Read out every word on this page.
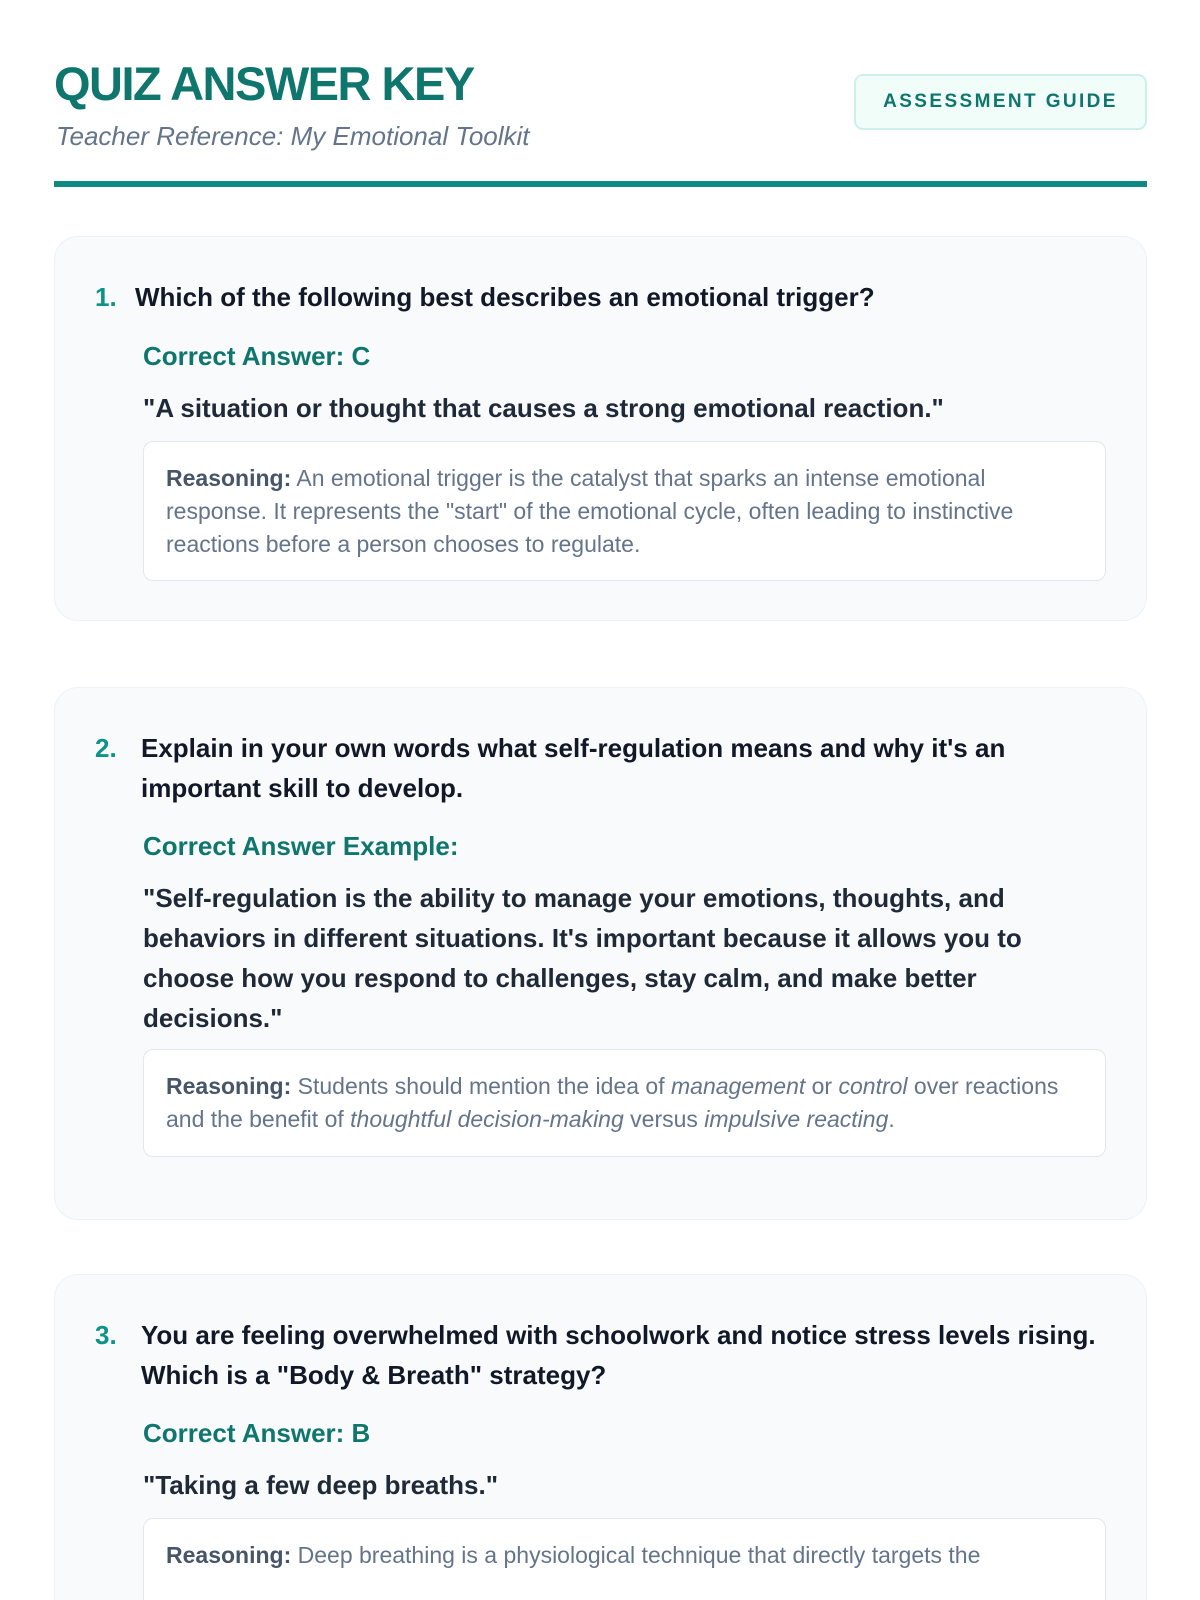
QUIZ ANSWER KEY

Teacher Reference: My Emotional Toolkit

ASSESSMENT GUIDE
1. Which of the following best describes an emotional trigger?

Correct Answer: C

"A situation or thought that causes a strong emotional reaction."

Reasoning: An emotional trigger is the catalyst that sparks an intense emotional response. It represents the "start" of the emotional cycle, often leading to instinctive reactions before a person chooses to regulate.
2. Explain in your own words what self-regulation means and why it's an important skill to develop.

Correct Answer Example:

"Self-regulation is the ability to manage your emotions, thoughts, and behaviors in different situations. It's important because it allows you to choose how you respond to challenges, stay calm, and make better decisions."

Reasoning: Students should mention the idea of management or control over reactions and the benefit of thoughtful decision-making versus impulsive reacting.
3. You are feeling overwhelmed with schoolwork and notice stress levels rising. Which is a "Body & Breath" strategy?

Correct Answer: B

"Taking a few deep breaths."

Reasoning: Deep breathing is a physiological technique that directly targets the
